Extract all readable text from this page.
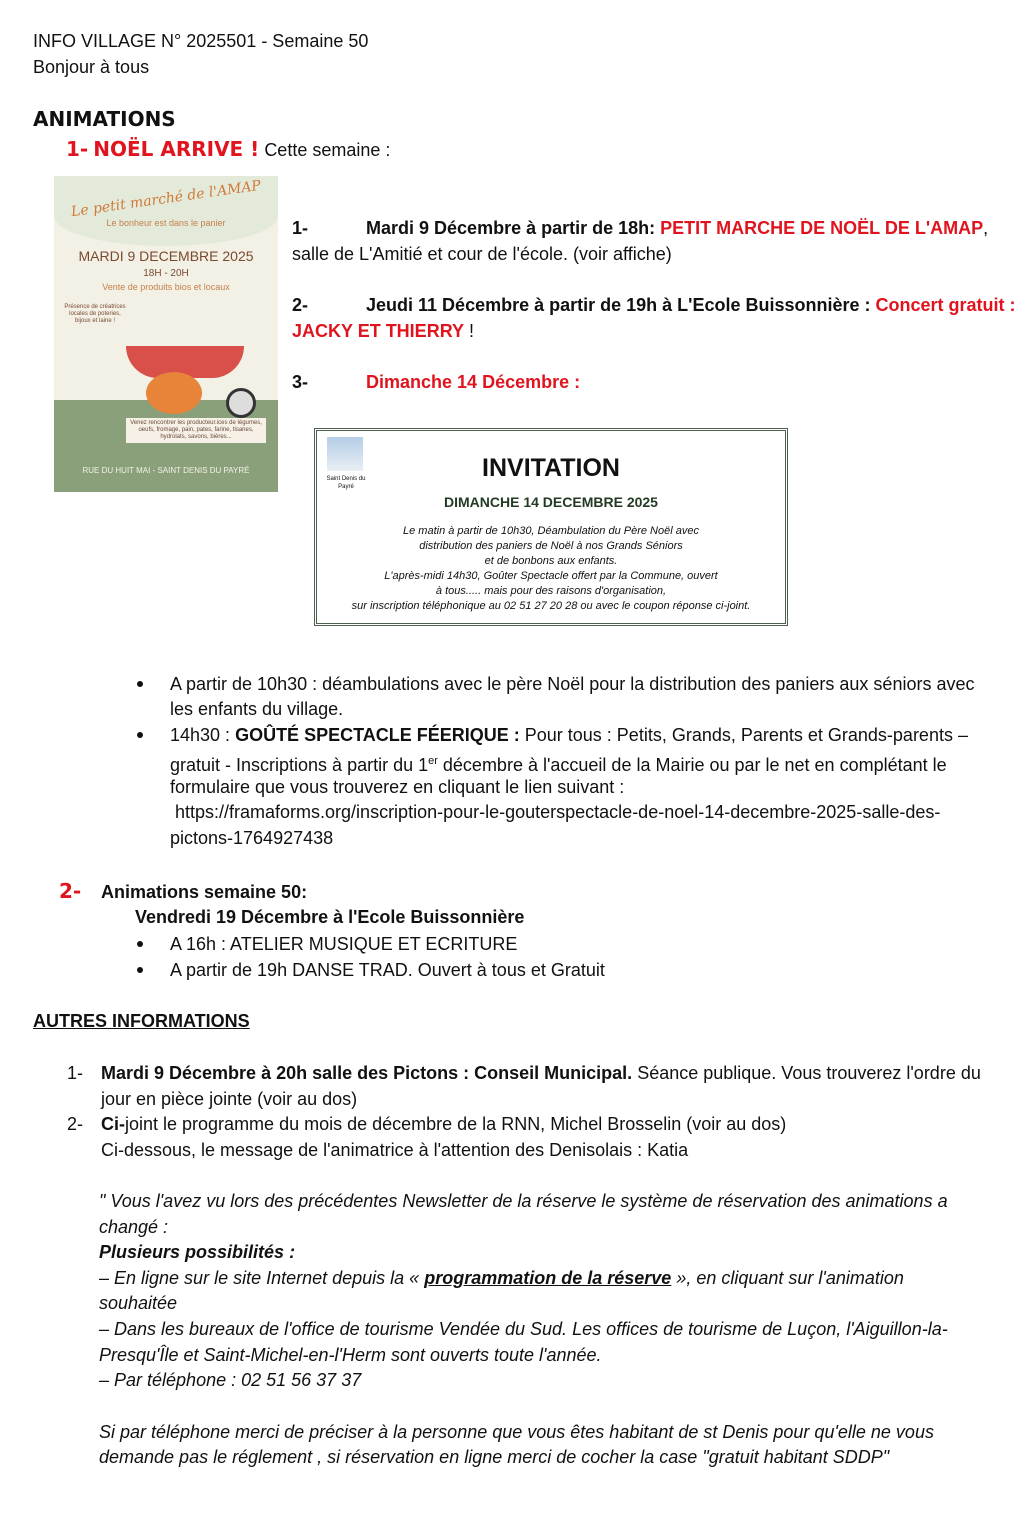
INFO VILLAGE N° 2025501 - Semaine 50
Bonjour à tous
ANIMATIONS
1- NOËL ARRIVE ! Cette semaine :
Le petit marché de l'AMAP
Le bonheur est dans le panier
MARDI 9 DECEMBRE 2025
18H - 20H
Vente de produits bios et locaux
Présence de créatrices locales de poteries, bijoux et laine !
Venez rencontrer les producteur.ices de légumes, oeufs, fromage, pain, pates, farine, tisanes, hydrolats, savons, bières...
RUE DU HUIT MAI - SAINT DENIS DU PAYRÉ
1-	Mardi 9 Décembre à partir de 18h: PETIT MARCHE DE NOËL DE L'AMAP,
salle de L'Amitié et cour de l'école. (voir affiche)
2-	Jeudi 11 Décembre à partir de 19h à L'Ecole Buissonnière : Concert gratuit :
JACKY ET THIERRY !
3-	Dimanche 14 Décembre :
Saint Denis du Payré
INVITATION
DIMANCHE 14 DECEMBRE 2025
Le matin à partir de 10h30, Déambulation du Père Noël avec
distribution des paniers de Noël à nos Grands Séniors
et de bonbons aux enfants.
L'après-midi 14h30, Goûter Spectacle offert par la Commune, ouvert
à tous..... mais pour des raisons d'organisation,
sur inscription téléphonique au 02 51 27 20 28 ou avec le coupon réponse ci-joint.
A partir de 10h30 : déambulations avec le père Noël pour la distribution des paniers aux séniors avec
les enfants du village.
14h30 : GOÛTÉ SPECTACLE FÉERIQUE : Pour tous : Petits, Grands, Parents et Grands-parents –
gratuit - Inscriptions à partir du 1er décembre à l'accueil de la Mairie ou par le net en complétant le
formulaire que vous trouverez en cliquant le lien suivant :
https://framaforms.org/inscription-pour-le-gouterspectacle-de-noel-14-decembre-2025-salle-des-
pictons-1764927438
2- Animations semaine 50:
Vendredi 19 Décembre à l'Ecole Buissonnière
A 16h : ATELIER MUSIQUE ET ECRITURE
A partir de 19h DANSE TRAD. Ouvert à tous et Gratuit
AUTRES INFORMATIONS
1- Mardi 9 Décembre à 20h salle des Pictons : Conseil Municipal. Séance publique. Vous trouverez l'ordre du
jour en pièce jointe (voir au dos)
2- Ci-joint le programme du mois de décembre de la RNN, Michel Brosselin (voir au dos)
Ci-dessous, le message de l'animatrice à l'attention des Denisolais : Katia
" Vous l'avez vu lors des précédentes Newsletter de la réserve le système de réservation des animations a
changé :
Plusieurs possibilités :
– En ligne sur le site Internet depuis la « programmation de la réserve », en cliquant sur l'animation
souhaitée
– Dans les bureaux de l'office de tourisme Vendée du Sud. Les offices de tourisme de Luçon, l'Aiguillon-la-
Presqu'Île et Saint-Michel-en-l'Herm sont ouverts toute l'année.
– Par téléphone : 02 51 56 37 37
Si par téléphone merci de préciser à la personne que vous êtes habitant de st Denis pour qu'elle ne vous
demande pas le réglement , si réservation en ligne merci de cocher la case "gratuit habitant SDDP"
